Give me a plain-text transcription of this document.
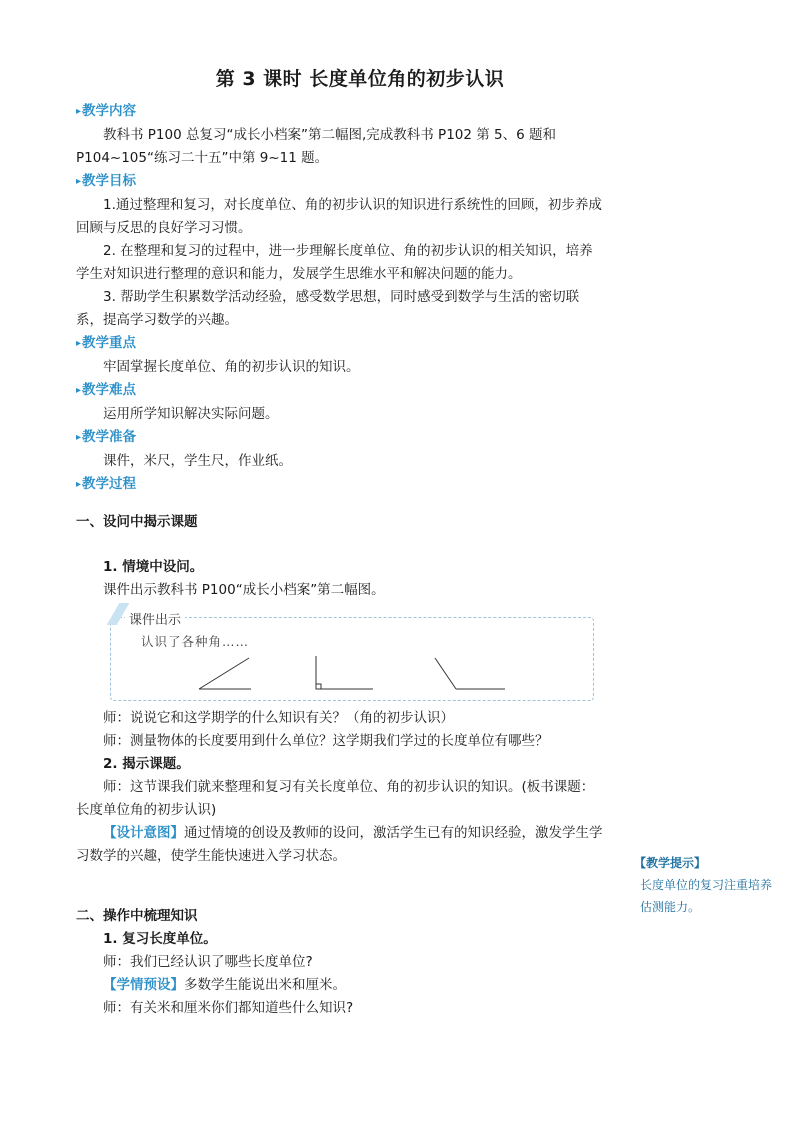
第 3 课时 长度单位角的初步认识
▸ 教学内容

教科书 P100 总复习“成长小档案”第二幅图,完成教科书 P102 第 5、6 题和 P104~105“练习二十五”中第 9~11 题。

▸ 教学目标

1.通过整理和复习，对长度单位、角的初步认识的知识进行系统性的回顾，初步养成回顾与反思的良好学习习惯。

2. 在整理和复习的过程中，进一步理解长度单位、角的初步认识的相关知识，培养学生对知识进行整理的意识和能力，发展学生思维水平和解决问题的能力。

3. 帮助学生积累数学活动经验，感受数学思想，同时感受到数学与生活的密切联系，提高学习数学的兴趣。

▸ 教学重点

牢固掌握长度单位、角的初步认识的知识。

▸ 教学难点

运用所学知识解决实际问题。

▸ 教学准备

课件，米尺，学生尺，作业纸。

▸ 教学过程

一、设问中揭示课题

1. 情境中设问。

课件出示教科书 P100“成长小档案”第二幅图。

课件出示
认识了各种角……

师：说说它和这学期学的什么知识有关？（角的初步认识）

师：测量物体的长度要用到什么单位？这学期我们学过的长度单位有哪些？

2. 揭示课题。

师：这节课我们就来整理和复习有关长度单位、角的初步认识的知识。(板书课题：长度单位角的初步认识)

【设计意图】通过情境的创设及教师的设问，激活学生已有的知识经验，激发学生学习数学的兴趣，使学生能快速进入学习状态。

二、操作中梳理知识

1. 复习长度单位。

师：我们已经认识了哪些长度单位?

【学情预设】多数学生能说出米和厘米。

师：有关米和厘米你们都知道些什么知识?

【教学提示】
长度单位的复习注重培养估测能力。
